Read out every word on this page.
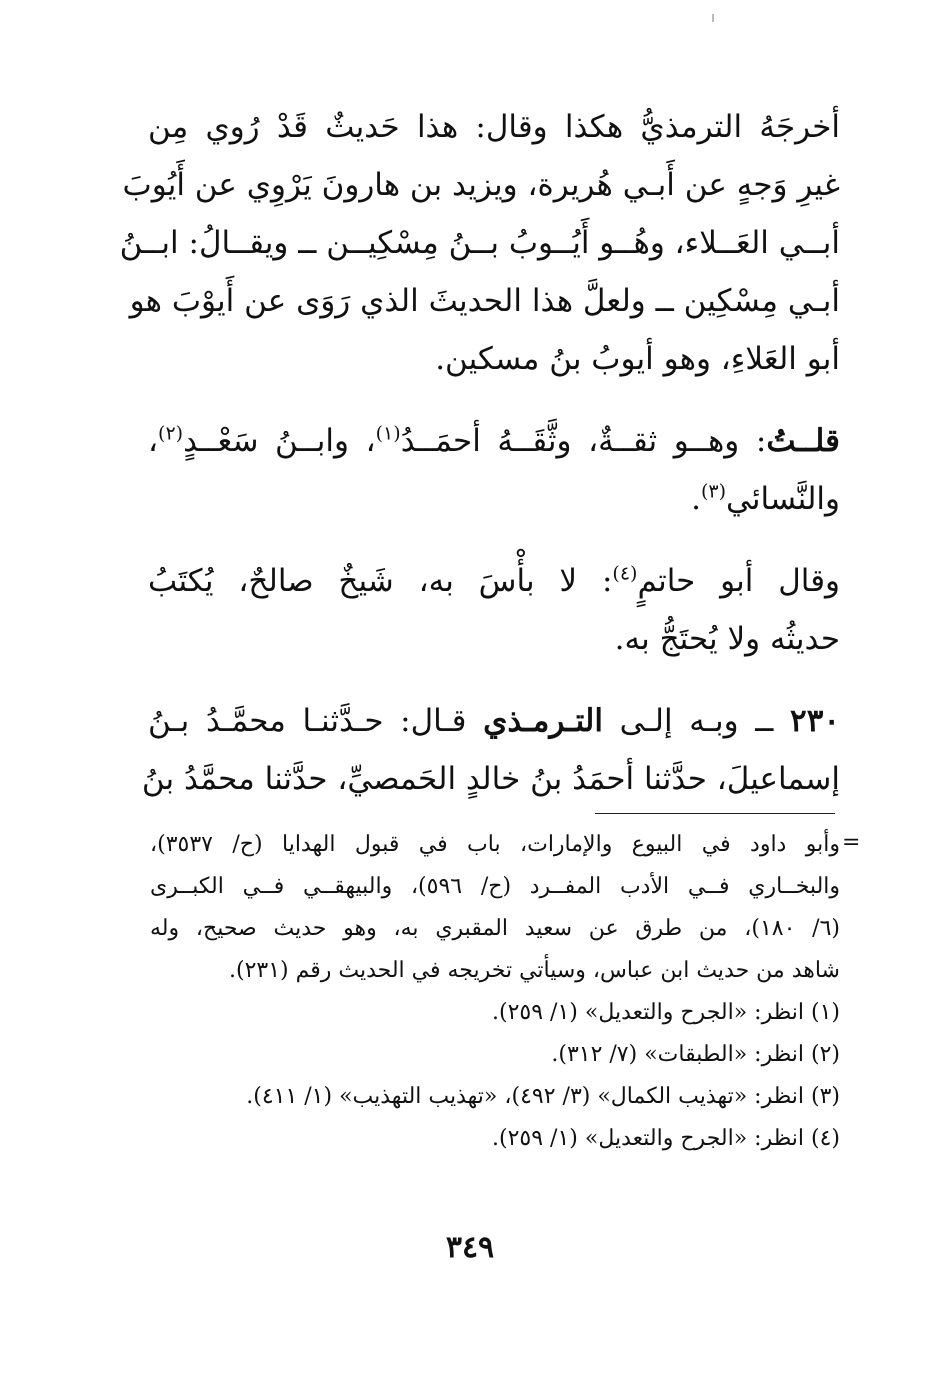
أخرجَهُ الترمذيُّ هكذا وقال: هذا حَديثٌ قَدْ رُوي مِن
غيرِ وَجهٍ عن أَبـي هُريرة، ويزيد بن هارونَ يَرْوِي عن أَيُوبَ
أبــي العَــلاء، وهُــو أَيُــوبُ بــنُ مِسْكِيــن ــ ويقــالُ: ابــنُ
أبـي مِسْكِين ــ ولعلَّ هذا الحديثَ الذي رَوَى عن أَيوْبَ هو
أبو العَلاءِ، وهو أيوبُ بنُ مسكين.
قلــتُ: وهــو ثقــةٌ، وثَّقَــهُ أحمَــدُ$^{(١)}$، وابــنُ سَعْــدٍ$^{(٢)}$،
والنَّسائي$^{(٣)}$.
وقال أبو حاتمٍ$^{(٤)}$: لا بأْسَ به، شَيخٌ صالحٌ، يُكتَبُ
حديثُه ولا يُحتَجُّ به.
٢٣٠ ــ وبـه إلـى التـرمـذي قـال: حـدَّثنـا محمَّـدُ بـنُ
إسماعيلَ، حدَّثنا أحمَدُ بنُ خالدٍ الحَمصيِّ، حدَّثنا محمَّدُ بنُ
=
وأبو داود في البيوع والإمارات، باب في قبول الهدايا (ح/ ٣٥٣٧)،
والبخــاري فــي الأدب المفــرد (ح/ ٥٩٦)، والبيهقــي فــي الكبــرى
(٦/ ١٨٠)، من طرق عن سعيد المقبري به، وهو حديث صحيح، وله
شاهد من حديث ابن عباس، وسيأتي تخريجه في الحديث رقم (٢٣١).
(١) انظر: «الجرح والتعديل» (١/ ٢٥٩).
(٢) انظر: «الطبقات» (٧/ ٣١٢).
(٣) انظر: «تهذيب الكمال» (٣/ ٤٩٢)، «تهذيب التهذيب» (١/ ٤١١).
(٤) انظر: «الجرح والتعديل» (١/ ٢٥٩).
٣٤٩
